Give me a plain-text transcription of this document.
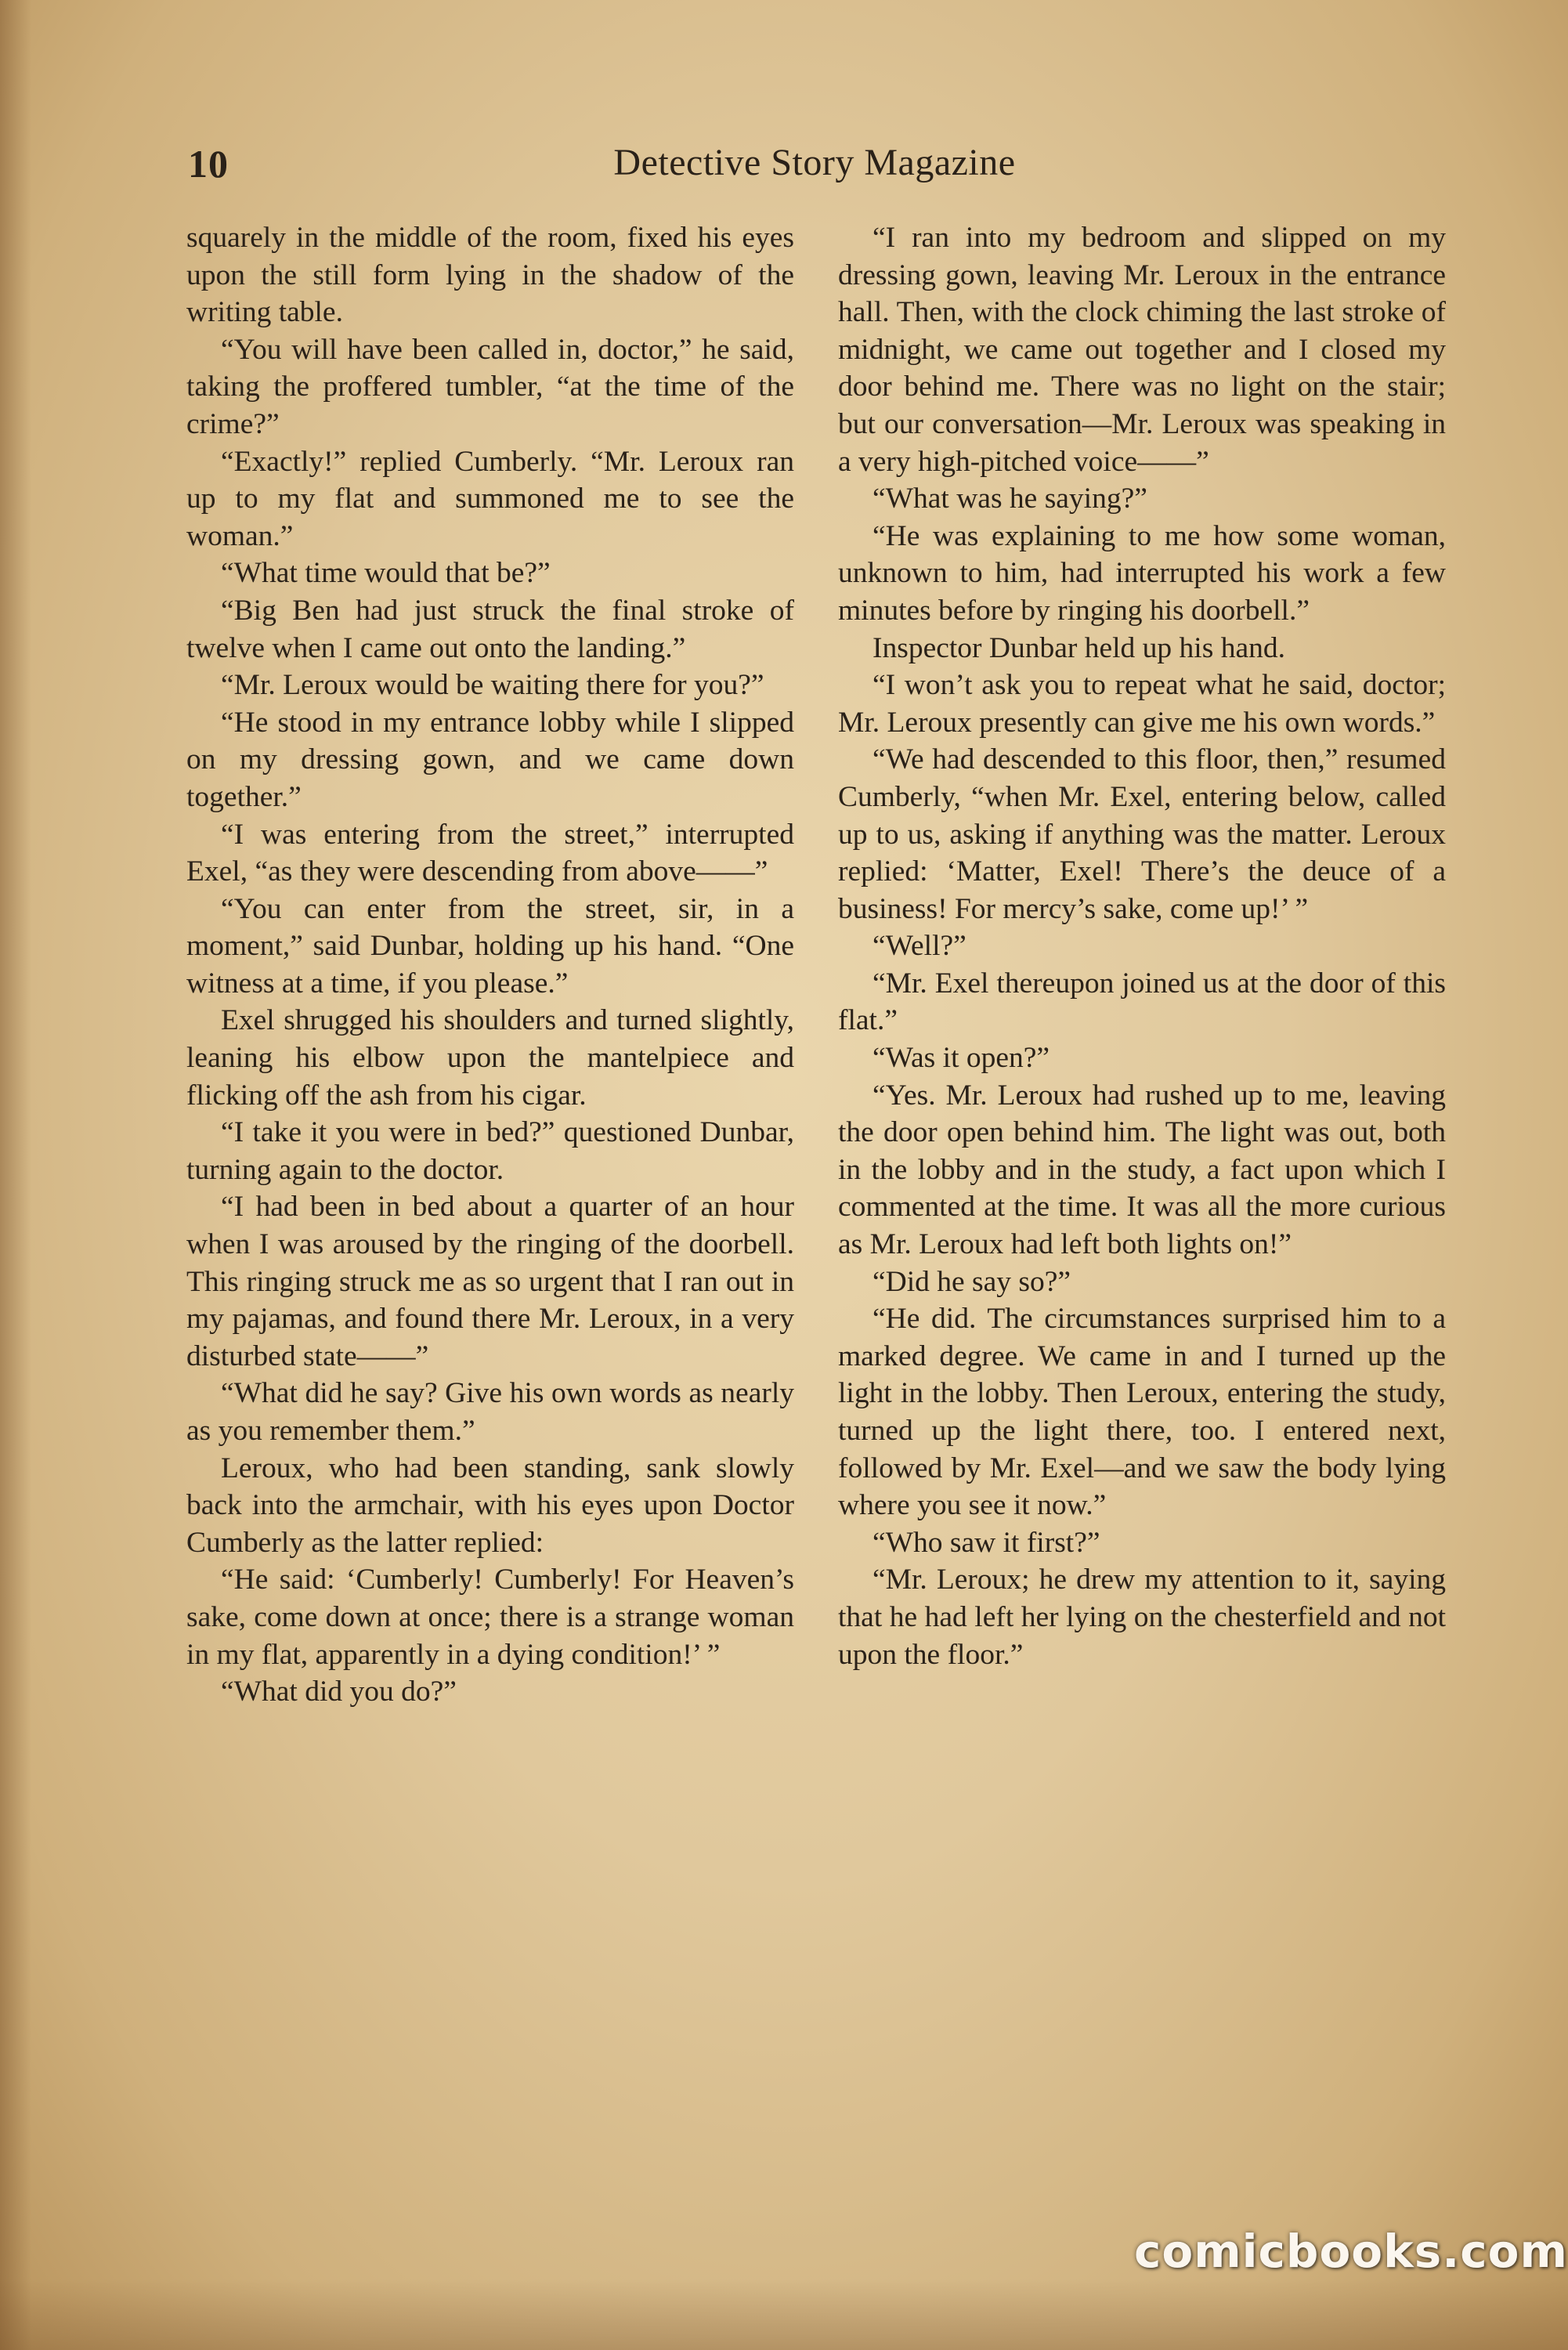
10	Detective Story Magazine

squarely in the middle of the room, fixed his eyes upon the still form lying in the shadow of the writing table.

“You will have been called in, doctor,” he said, taking the proffered tumbler, “at the time of the crime?”

“Exactly!” replied Cumberly. “Mr. Leroux ran up to my flat and summoned me to see the woman.”

“What time would that be?”

“Big Ben had just struck the final stroke of twelve when I came out onto the landing.”

“Mr. Leroux would be waiting there for you?”

“He stood in my entrance lobby while I slipped on my dressing gown, and we came down together.”

“I was entering from the street,” interrupted Exel, “as they were descending from above——”

“You can enter from the street, sir, in a moment,” said Dunbar, holding up his hand. “One witness at a time, if you please.”

Exel shrugged his shoulders and turned slightly, leaning his elbow upon the mantelpiece and flicking off the ash from his cigar.

“I take it you were in bed?” questioned Dunbar, turning again to the doctor.

“I had been in bed about a quarter of an hour when I was aroused by the ringing of the doorbell. This ringing struck me as so urgent that I ran out in my pajamas, and found there Mr. Leroux, in a very disturbed state——”

“What did he say? Give his own words as nearly as you remember them.”

Leroux, who had been standing, sank slowly back into the armchair, with his eyes upon Doctor Cumberly as the latter replied:

“He said: ‘Cumberly! Cumberly! For Heaven’s sake, come down at once; there is a strange woman in my flat, apparently in a dying condition!’ ”

“What did you do?”

“I ran into my bedroom and slipped on my dressing gown, leaving Mr. Leroux in the entrance hall. Then, with the clock chiming the last stroke of midnight, we came out together and I closed my door behind me. There was no light on the stair; but our conversation—Mr. Leroux was speaking in a very high-pitched voice——”

“What was he saying?”

“He was explaining to me how some woman, unknown to him, had interrupted his work a few minutes before by ringing his doorbell.”

Inspector Dunbar held up his hand.

“I won’t ask you to repeat what he said, doctor; Mr. Leroux presently can give me his own words.”

“We had descended to this floor, then,” resumed Cumberly, “when Mr. Exel, entering below, called up to us, asking if anything was the matter. Leroux replied: ‘Matter, Exel! There’s the deuce of a business! For mercy’s sake, come up!’ ”

“Well?”

“Mr. Exel thereupon joined us at the door of this flat.”

“Was it open?”

“Yes. Mr. Leroux had rushed up to me, leaving the door open behind him. The light was out, both in the lobby and in the study, a fact upon which I commented at the time. It was all the more curious as Mr. Leroux had left both lights on!”

“Did he say so?”

“He did. The circumstances surprised him to a marked degree. We came in and I turned up the light in the lobby. Then Leroux, entering the study, turned up the light there, too. I entered next, followed by Mr. Exel—and we saw the body lying where you see it now.”

“Who saw it first?”

“Mr. Leroux; he drew my attention to it, saying that he had left her lying on the chesterfield and not upon the floor.”

comicbooks.com
